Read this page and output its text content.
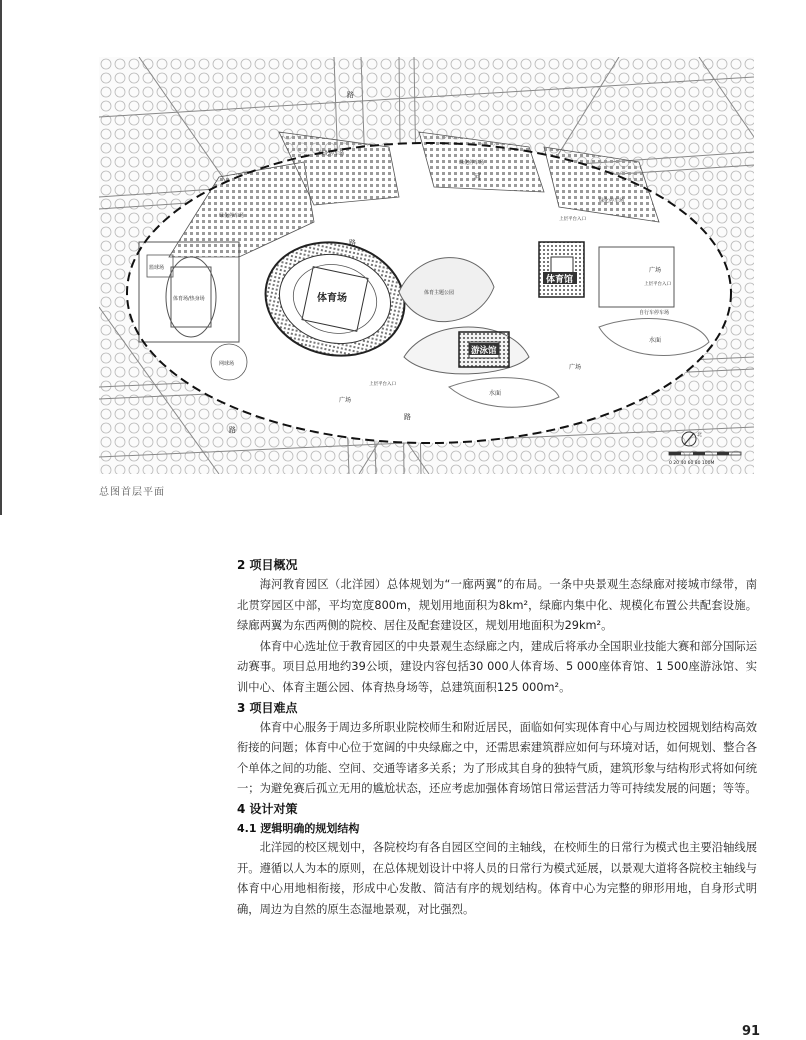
体育场
体育馆
游泳馆
体育场/热身场
篮球场
网球场
绿化停车场
绿化停车场
绿化停车场
绿化停车场
广场
广场
广场
水面
水面
体育主题公园
自行车停车场
上层平台入口
上层平台入口
上层平台入口
河
路
路
路
路
0 20 40 60 80 100M
北
总图首层平面
2 项目概况

海河教育园区（北洋园）总体规划为“一廊两翼”的布局。一条中央景观生态绿廊对接城市绿带，南北贯穿园区中部，平均宽度800m，规划用地面积为8km²，绿廊内集中化、规模化布置公共配套设施。绿廊两翼为东西两侧的院校、居住及配套建设区，规划用地面积为29km²。

体育中心选址位于教育园区的中央景观生态绿廊之内，建成后将承办全国职业技能大赛和部分国际运动赛事。项目总用地约39公顷，建设内容包括30 000人体育场、5 000座体育馆、1 500座游泳馆、实训中心、体育主题公园、体育热身场等，总建筑面积125 000m²。

3 项目难点

体育中心服务于周边多所职业院校师生和附近居民，面临如何实现体育中心与周边校园规划结构高效衔接的问题；体育中心位于宽阔的中央绿廊之中，还需思索建筑群应如何与环境对话，如何规划、整合各个单体之间的功能、空间、交通等诸多关系；为了形成其自身的独特气质，建筑形象与结构形式将如何统一；为避免赛后孤立无用的尴尬状态，还应考虑加强体育场馆日常运营活力等可持续发展的问题；等等。

4 设计对策
4.1 逻辑明确的规划结构

北洋园的校区规划中，各院校均有各自园区空间的主轴线，在校师生的日常行为模式也主要沿轴线展开。遵循以人为本的原则，在总体规划设计中将人员的日常行为模式延展，以景观大道将各院校主轴线与体育中心用地相衔接，形成中心发散、简洁有序的规划结构。体育中心为完整的卵形用地，自身形式明确，周边为自然的原生态湿地景观，对比强烈。

91
